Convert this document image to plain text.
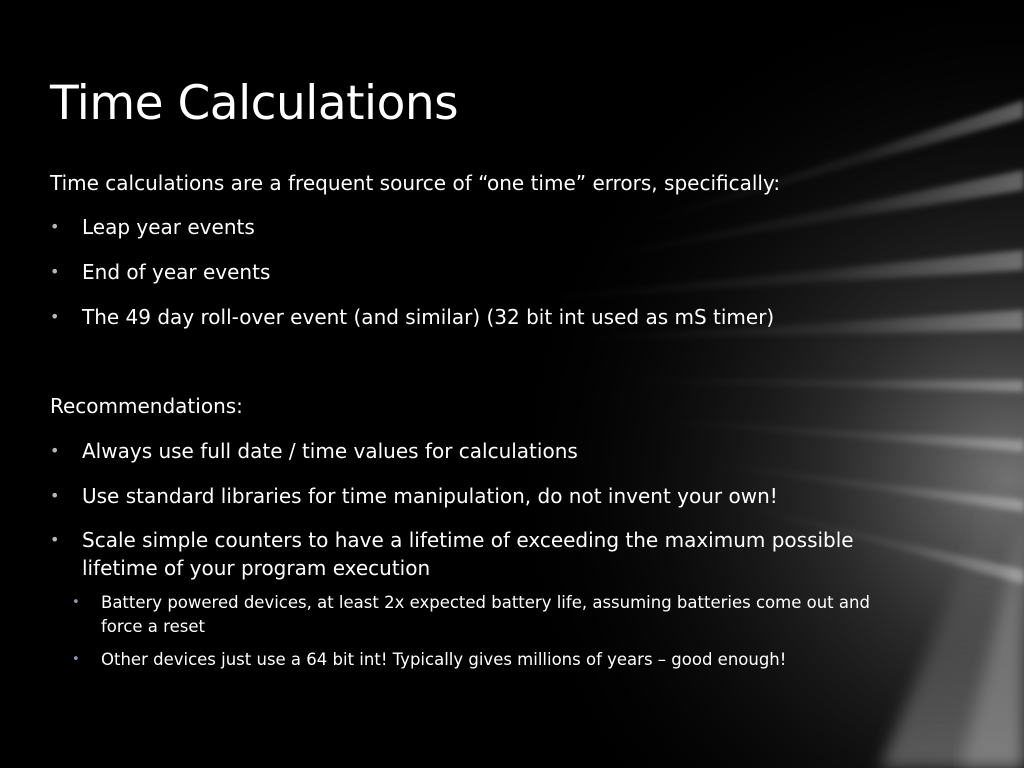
Time Calculations
Time calculations are a frequent source of “one time” errors, specifically:
• Leap year events
• End of year events
• The 49 day roll-over event (and similar) (32 bit int used as mS timer)
Recommendations:
• Always use full date / time values for calculations
• Use standard libraries for time manipulation, do not invent your own!
• Scale simple counters to have a lifetime of exceeding the maximum possible lifetime of your program execution
• Battery powered devices, at least 2x expected battery life, assuming batteries come out and force a reset
• Other devices just use a 64 bit int! Typically gives millions of years – good enough!
